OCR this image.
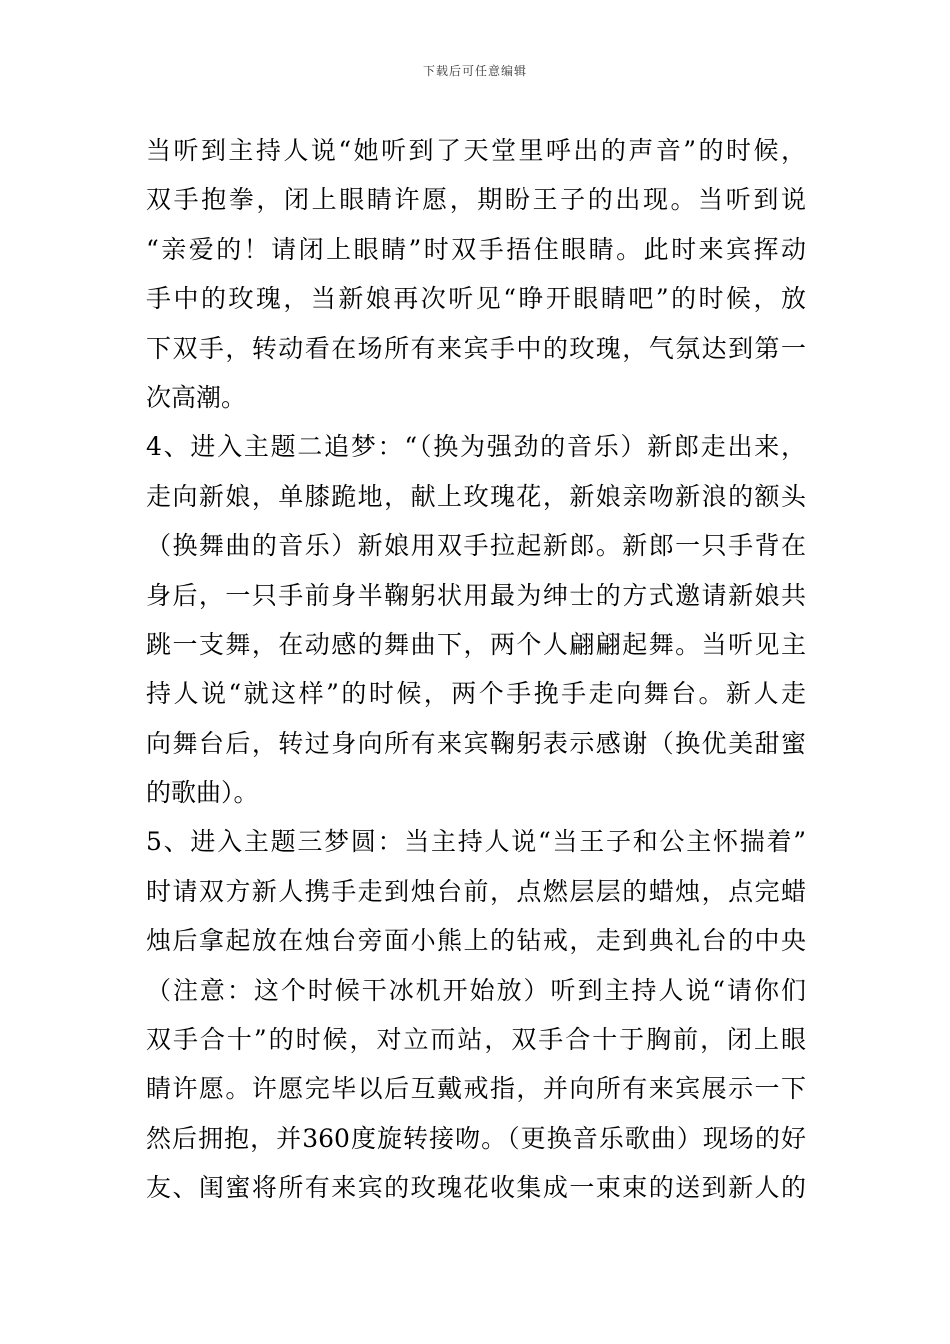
下载后可任意编辑
当听到主持人说“她听到了天堂里呼出的声音”的时候，
双手抱拳，闭上眼睛许愿，期盼王子的出现。当听到说
“亲爱的！请闭上眼睛”时双手捂住眼睛。此时来宾挥动
手中的玫瑰，当新娘再次听见“睁开眼睛吧”的时候，放
下双手，转动看在场所有来宾手中的玫瑰，气氛达到第一
次高潮。
4、进入主题二追梦：“（换为强劲的音乐）新郎走出来，
走向新娘，单膝跪地，献上玫瑰花，新娘亲吻新浪的额头
（换舞曲的音乐）新娘用双手拉起新郎。新郎一只手背在
身后，一只手前身半鞠躬状用最为绅士的方式邀请新娘共
跳一支舞，在动感的舞曲下，两个人翩翩起舞。当听见主
持人说“就这样”的时候，两个手挽手走向舞台。新人走
向舞台后，转过身向所有来宾鞠躬表示感谢（换优美甜蜜
的歌曲）。
5、进入主题三梦圆：当主持人说“当王子和公主怀揣着”
时请双方新人携手走到烛台前，点燃层层的蜡烛，点完蜡
烛后拿起放在烛台旁面小熊上的钻戒，走到典礼台的中央
（注意：这个时候干冰机开始放）听到主持人说“请你们
双手合十”的时候，对立而站，双手合十于胸前，闭上眼
睛许愿。许愿完毕以后互戴戒指，并向所有来宾展示一下
然后拥抱，并360度旋转接吻。（更换音乐歌曲）现场的好
友、闺蜜将所有来宾的玫瑰花收集成一束束的送到新人的
